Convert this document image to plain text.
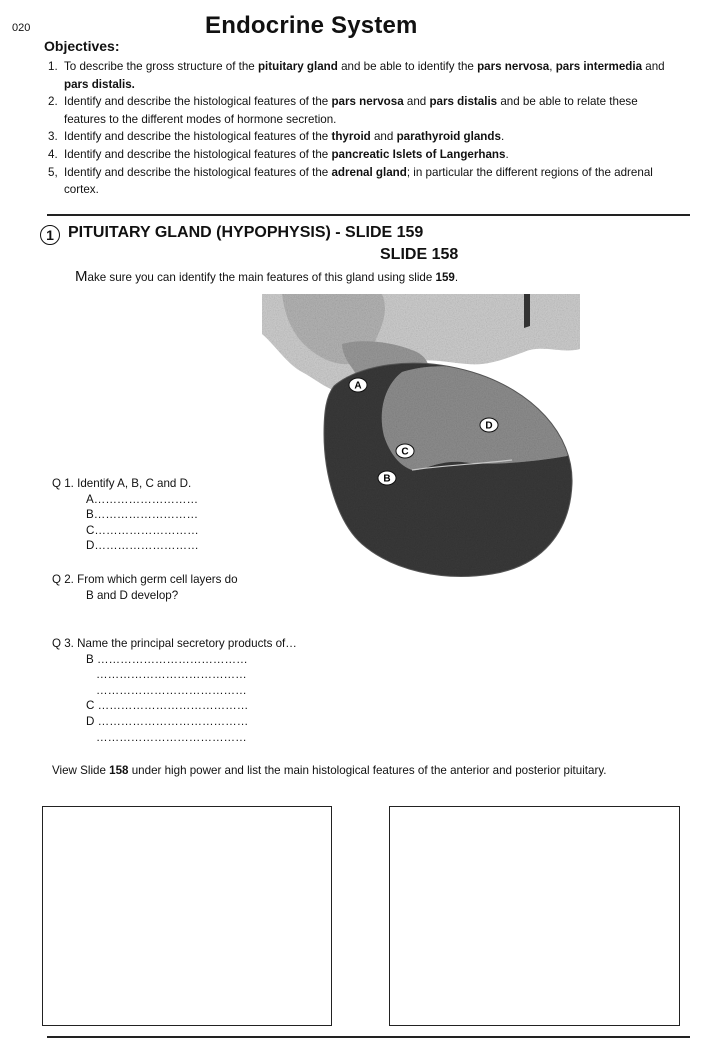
020	Endocrine System
Objectives:
1. To describe the gross structure of the pituitary gland and be able to identify the pars nervosa, pars intermedia and pars distalis.
2. Identify and describe the histological features of the pars nervosa and pars distalis and be able to relate these features to the different modes of hormone secretion.
3. Identify and describe the histological features of the thyroid and parathyroid glands.
4. Identify and describe the histological features of the pancreatic Islets of Langerhans.
5, Identify and describe the histological features of the adrenal gland; in particular the different regions of the adrenal cortex.
1 PITUITARY GLAND (HYPOPHYSIS) - SLIDE 159
SLIDE 158
Make sure you can identify the main features of this gland using slide 159.
A
D
C
B
Q 1. Identify A, B, C and D.
A………………………
B………………………
C………………………
D………………………
Q 2. From which germ cell layers do
B and D develop?
Q 3. Name the principal secretory products of…
B …………………………………
…………………………………
…………………………………
C …………………………………
D …………………………………
…………………………………
View Slide 158 under high power and list the main histological features of the anterior and posterior pituitary.
